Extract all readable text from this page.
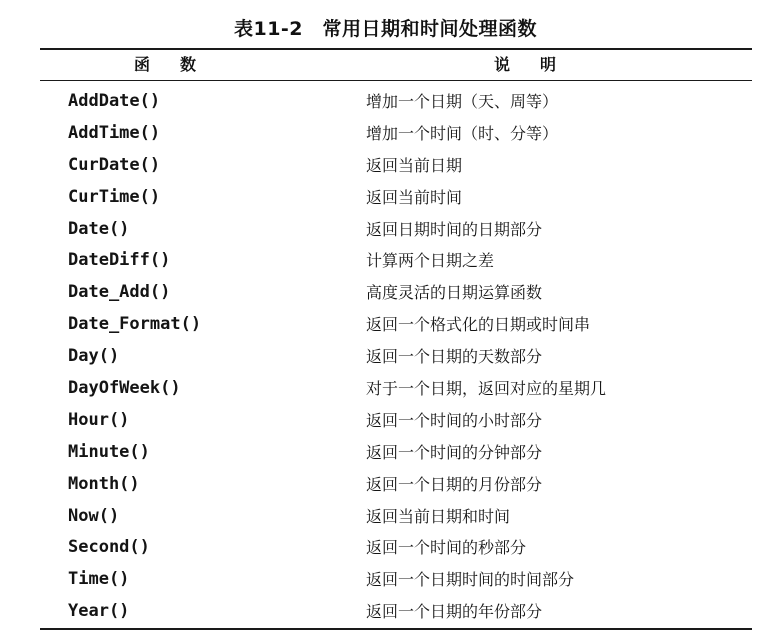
表11-2　常用日期和时间处理函数
函数	说明
AddDate()	增加一个日期（天、周等）
AddTime()	增加一个时间（时、分等）
CurDate()	返回当前日期
CurTime()	返回当前时间
Date()	返回日期时间的日期部分
DateDiff()	计算两个日期之差
Date_Add()	高度灵活的日期运算函数
Date_Format()	返回一个格式化的日期或时间串
Day()	返回一个日期的天数部分
DayOfWeek()	对于一个日期，返回对应的星期几
Hour()	返回一个时间的小时部分
Minute()	返回一个时间的分钟部分
Month()	返回一个日期的月份部分
Now()	返回当前日期和时间
Second()	返回一个时间的秒部分
Time()	返回一个日期时间的时间部分
Year()	返回一个日期的年份部分
